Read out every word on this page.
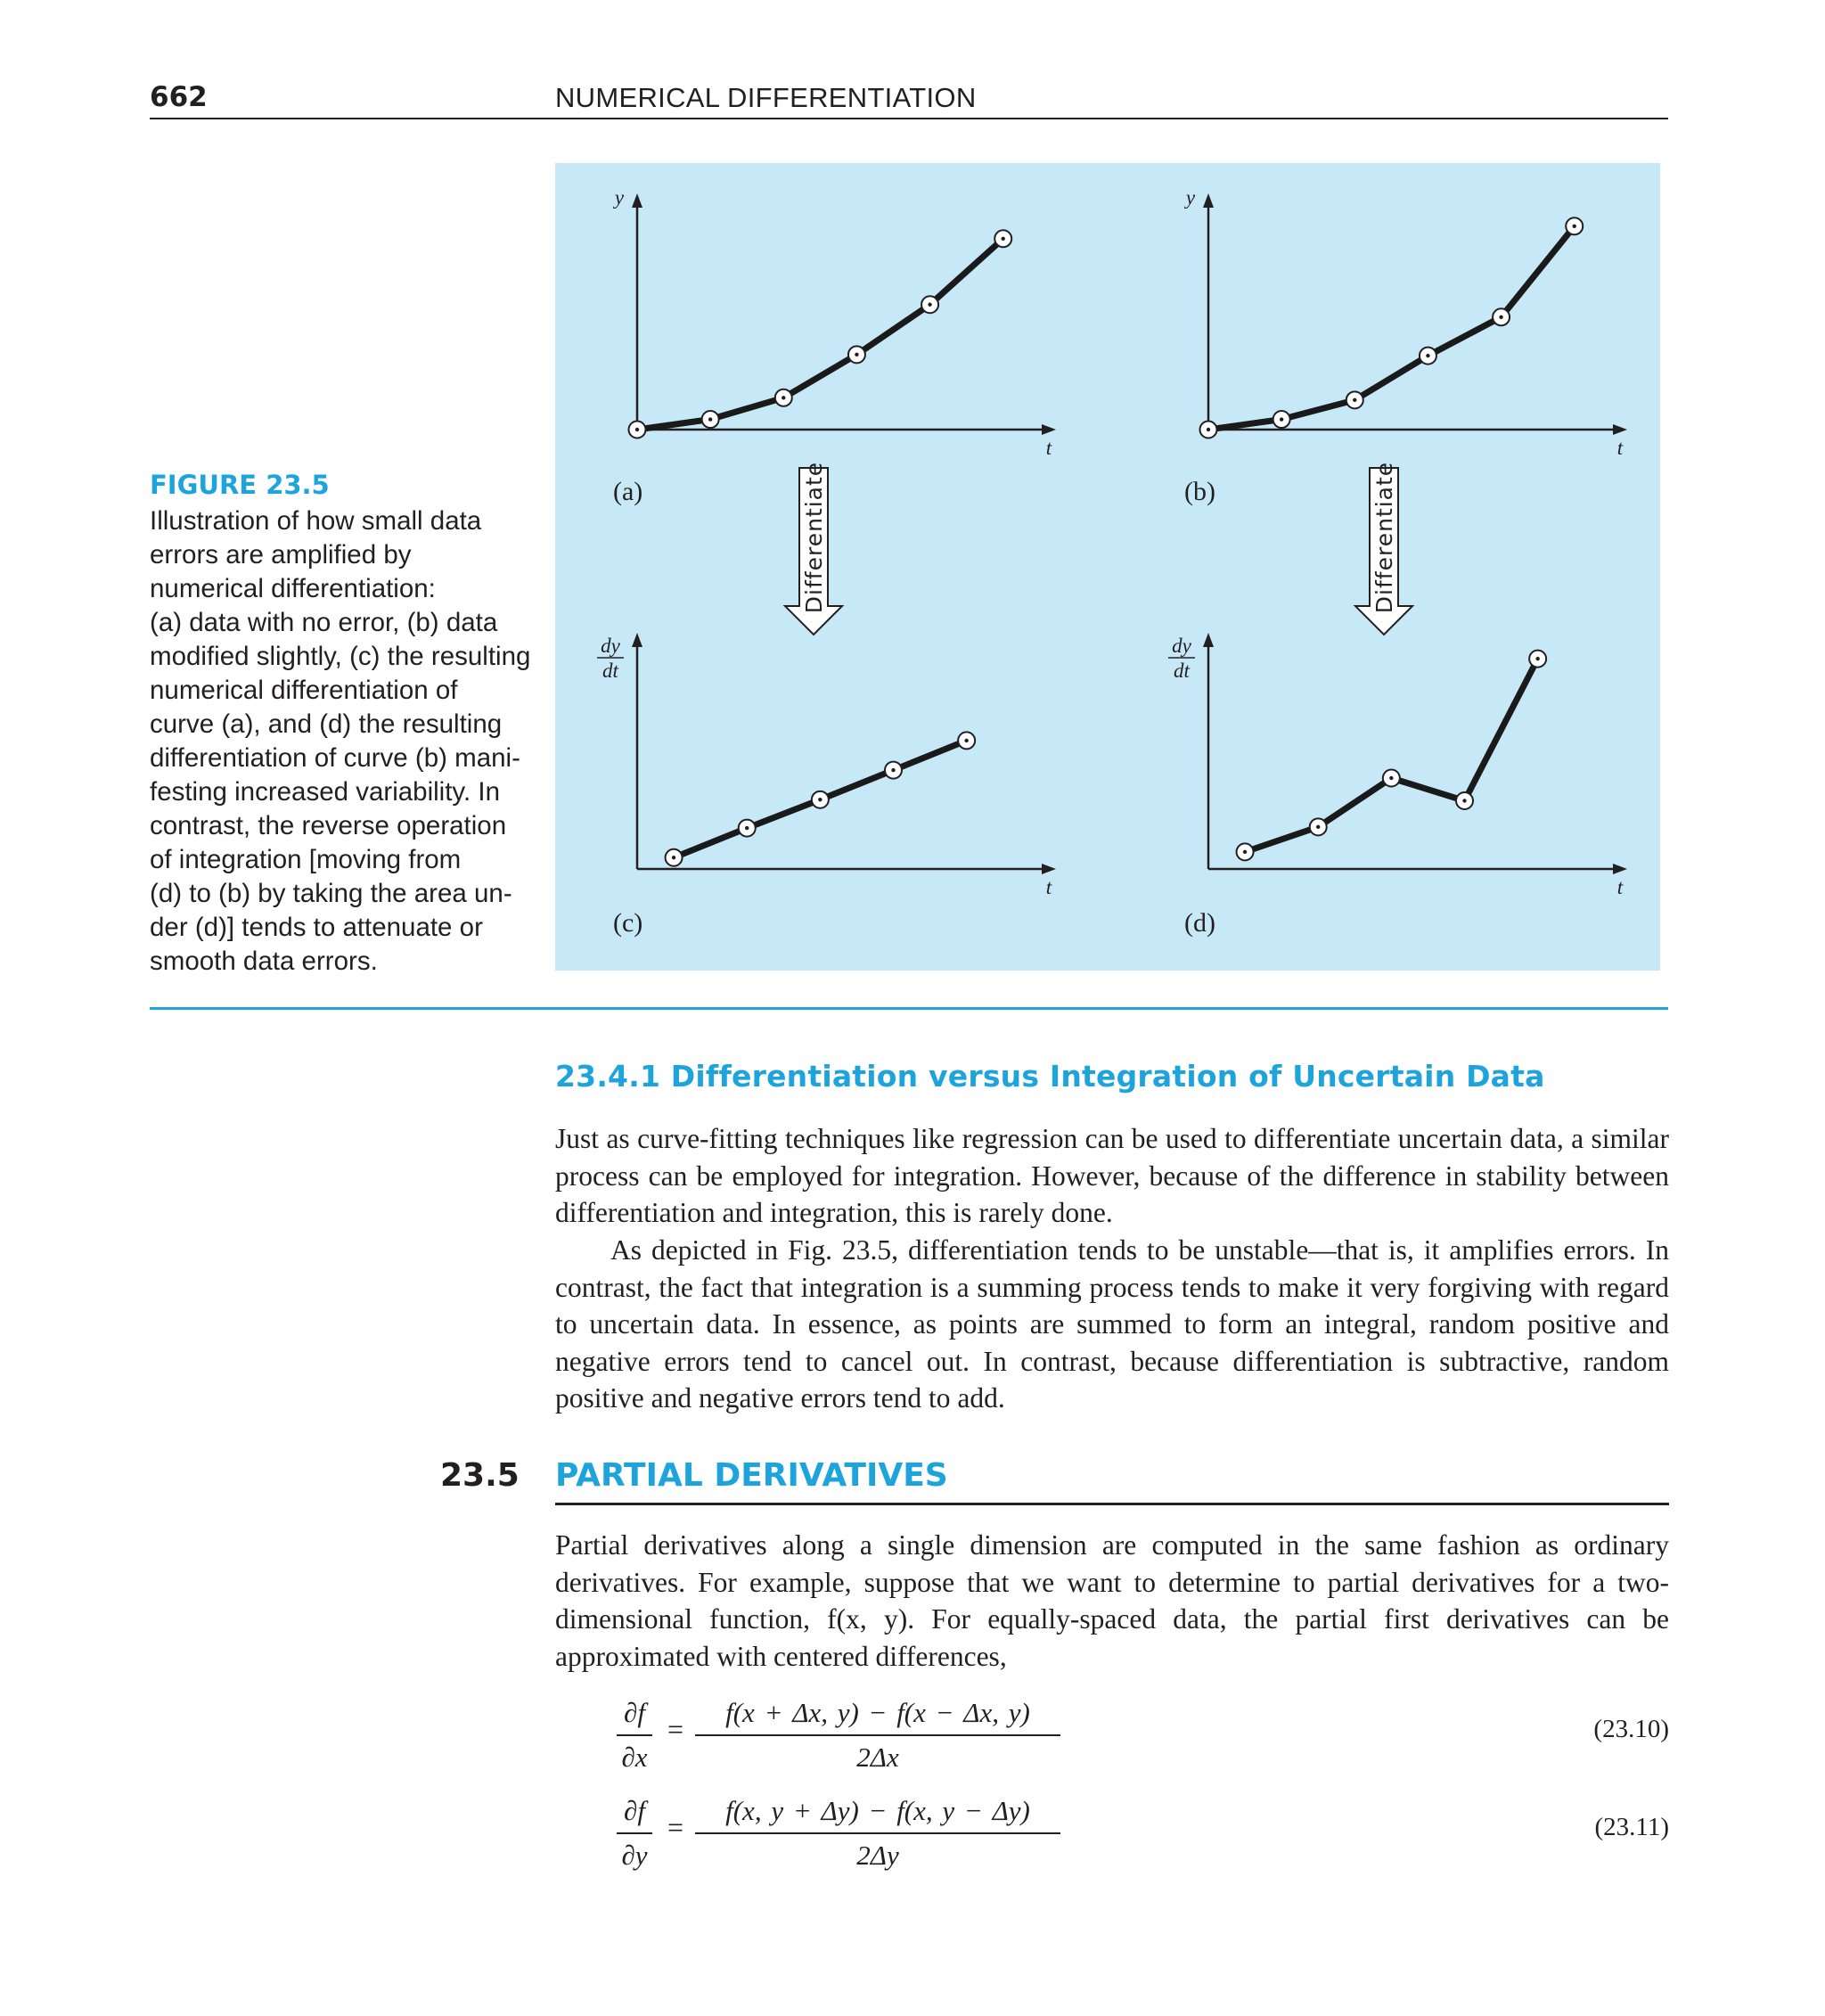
662	NUMERICAL DIFFERENTIATION
FIGURE 23.5
Illustration of how small data
errors are amplified by
numerical differentiation:
(a) data with no error, (b) data
modified slightly, (c) the resulting
numerical differentiation of
curve (a), and (d) the resulting
differentiation of curve (b) mani-
festing increased variability. In
contrast, the reverse operation
of integration [moving from
(d) to (b) by taking the area un-
der (d)] tends to attenuate or
smooth data errors.
t
y
(a)
t
y
(b)
t
dy
dt
(c)
t
dy
dt
(d)
Differentiate	Differentiate
23.4.1 Differentiation versus Integration of Uncertain Data

Just as curve-fitting techniques like regression can be used to differentiate uncertain data, a similar process can be employed for integration. However, because of the difference in stability between differentiation and integration, this is rarely done.

As depicted in Fig. 23.5, differentiation tends to be unstable—that is, it amplifies errors. In contrast, the fact that integration is a summing process tends to make it very forgiving with regard to uncertain data. In essence, as points are summed to form an integral, random positive and negative errors tend to cancel out. In contrast, because differentiation is subtractive, random positive and negative errors tend to add.

23.5 PARTIAL DERIVATIVES

Partial derivatives along a single dimension are computed in the same fashion as ordinary derivatives. For example, suppose that we want to determine to partial derivatives for a two-dimensional function, f(x, y). For equally-spaced data, the partial first derivatives can be approximated with centered differences,

∂f
∂x
=
f(x + Δx, y) − f(x − Δx, y)
2Δx
(23.10)
∂f
∂y
=
f(x, y + Δy) − f(x, y − Δy)
2Δy
(23.11)
